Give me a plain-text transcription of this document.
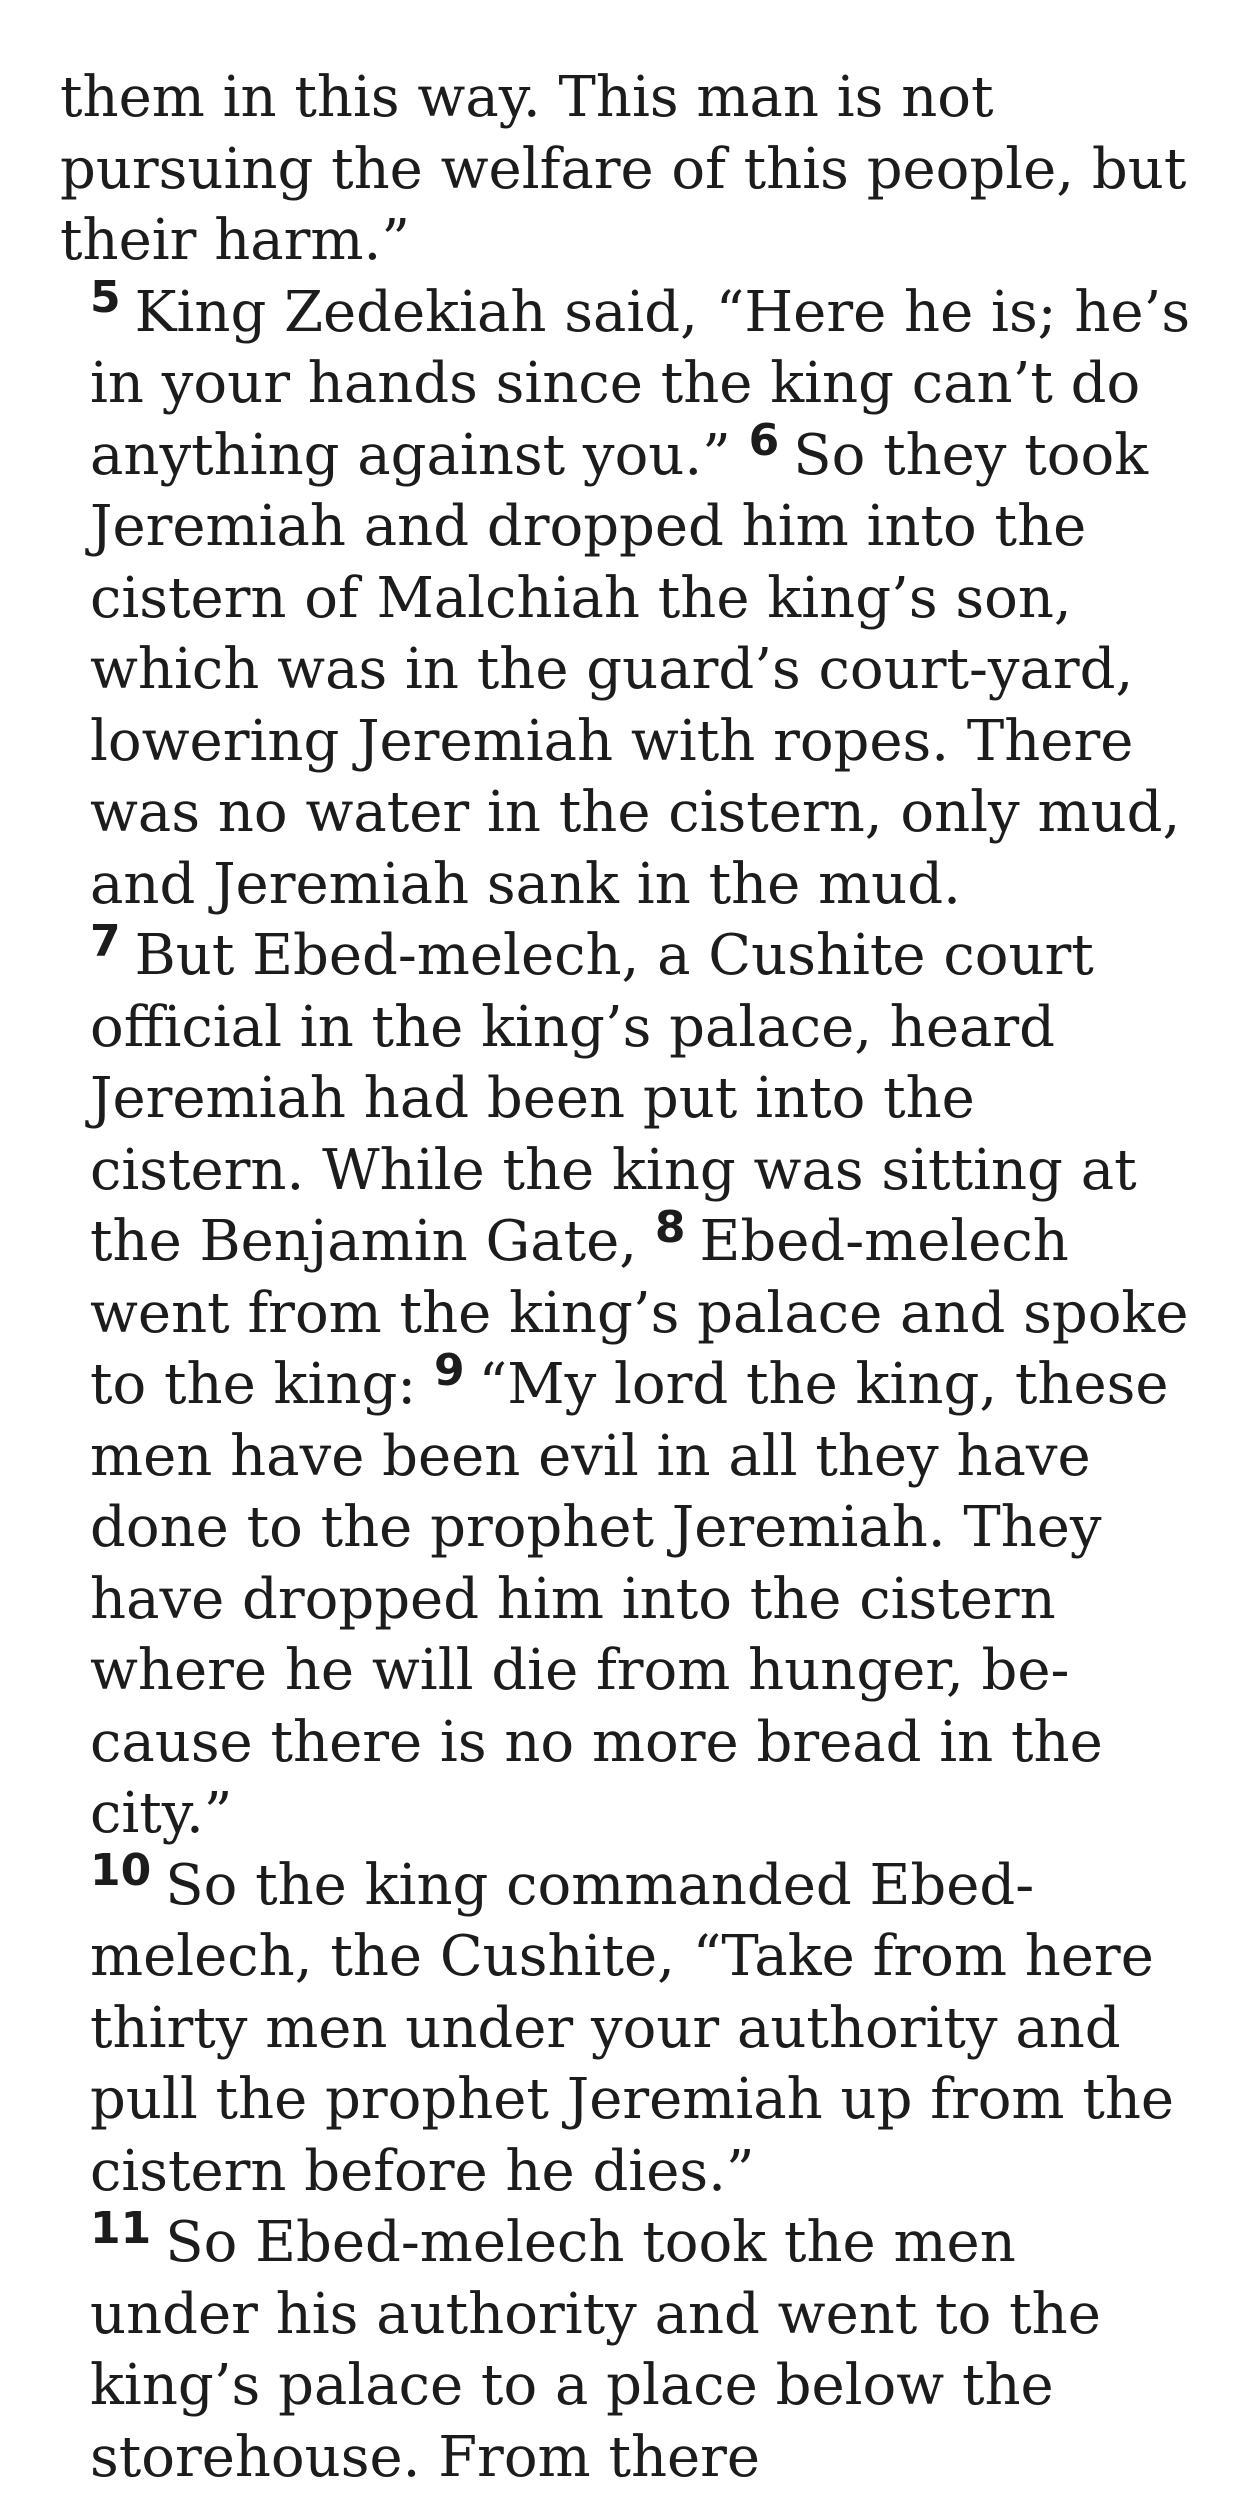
them in this way. This man is not pursuing the welfare of this people, but their harm.”

$^5$ King Zedekiah said, “Here he is; he’s in your hands since the king can’t do anything against you.” $^6$ So they took Jeremiah and dropped him into the cistern of Malchiah the king’s son, which was in the guard’s court-yard, lowering Jeremiah with ropes. There was no water in the cistern, only mud, and Jeremiah sank in the mud.

$^7$ But Ebed-melech, a Cushite court official in the king’s palace, heard Jeremiah had been put into the cistern. While the king was sitting at the Benjamin Gate, $^8$ Ebed-melech went from the king’s palace and spoke to the king: $^9$ “My lord the king, these men have been evil in all they have done to the prophet Jeremiah. They have dropped him into the cistern where he will die from hunger, be-cause there is no more bread in the city.”

$^{10}$ So the king commanded Ebed-melech, the Cushite, “Take from here thirty men under your authority and pull the prophet Jeremiah up from the cistern before he dies.”

$^{11}$ So Ebed-melech took the men under his authority and went to the king’s palace to a place below the storehouse. From there
